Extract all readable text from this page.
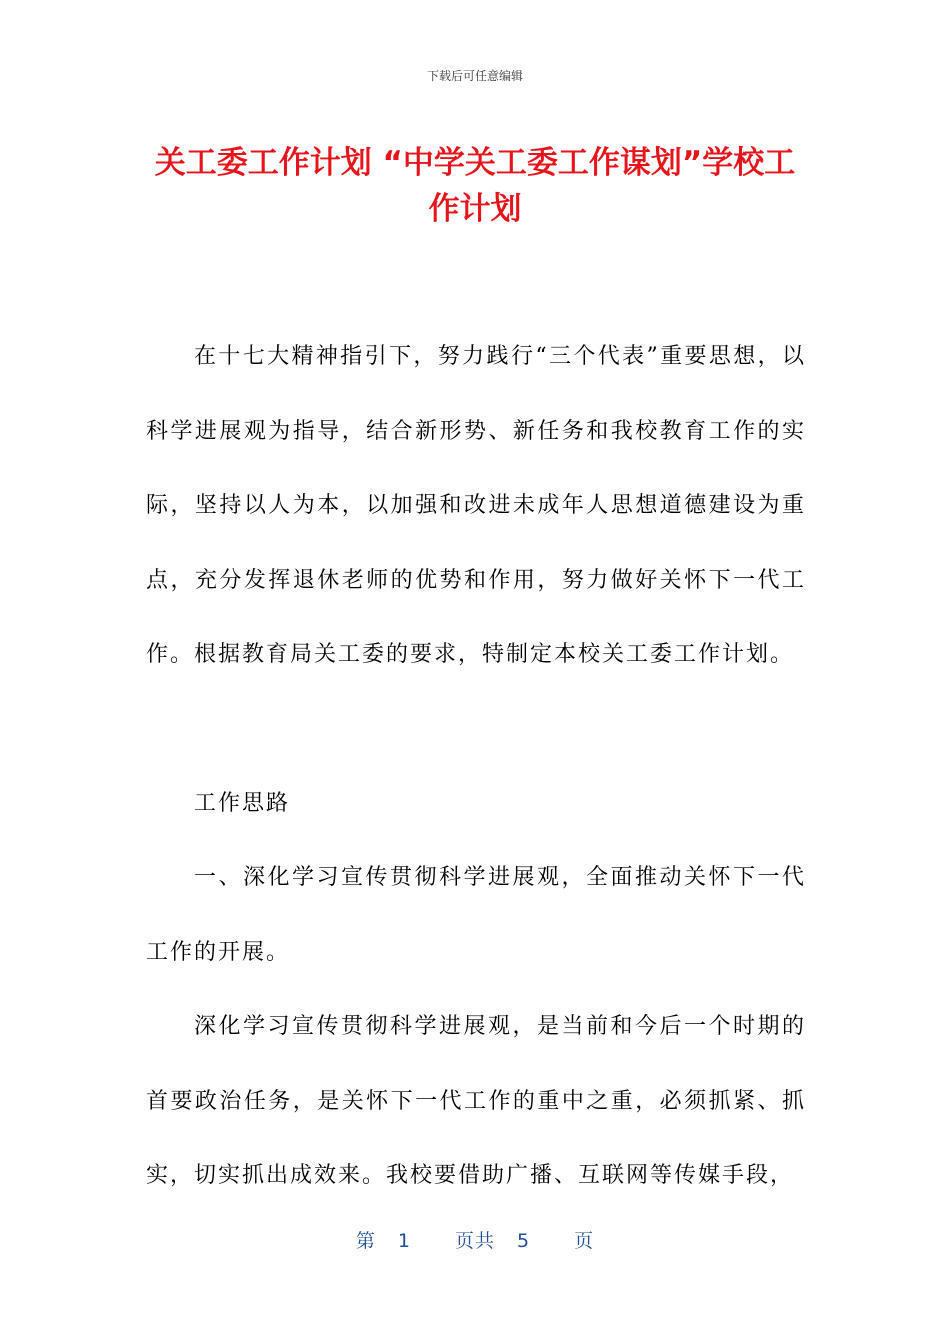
下载后可任意编辑
关工委工作计划 “中学关工委工作谋划”学校工作计划

在十七大精神指引下，努力践行“三个代表”重要思想，以科学进展观为指导，结合新形势、新任务和我校教育工作的实际，坚持以人为本，以加强和改进未成年人思想道德建设为重点，充分发挥退休老师的优势和作用，努力做好关怀下一代工作。根据教育局关工委的要求，特制定本校关工委工作计划。

工作思路

一、深化学习宣传贯彻科学进展观，全面推动关怀下一代工作的开展。

深化学习宣传贯彻科学进展观，是当前和今后一个时期的首要政治任务，是关怀下一代工作的重中之重，必须抓紧、抓实，切实抓出成效来。我校要借助广播、互联网等传媒手段，

第 1 页共 5 页
